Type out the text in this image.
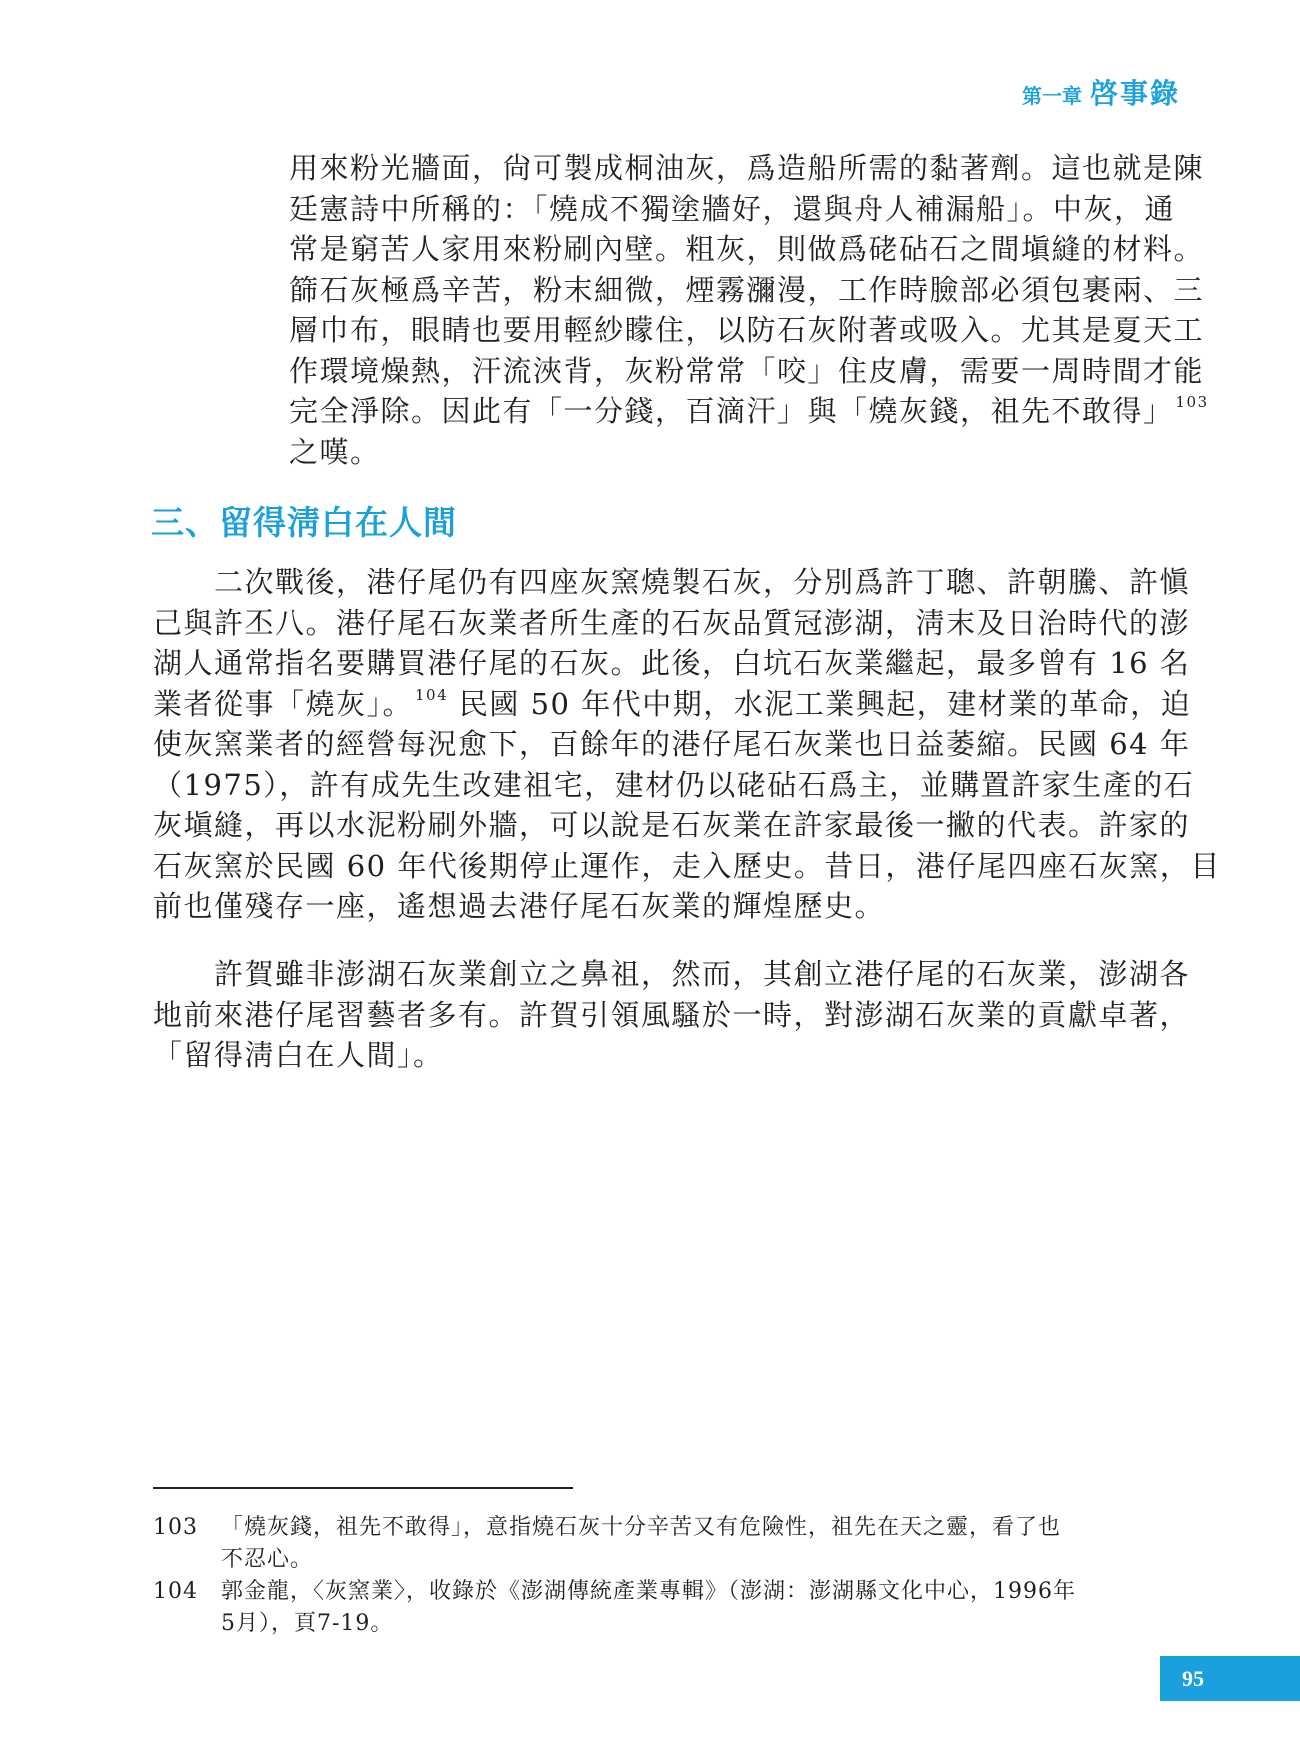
第一章 啓事錄
用來粉光牆面，尙可製成桐油灰，爲造船所需的黏著劑。這也就是陳
廷憲詩中所稱的：「燒成不獨塗牆好，還與舟人補漏船」。中灰，通
常是窮苦人家用來粉刷內壁。粗灰，則做爲硓砧石之間塡縫的材料。
篩石灰極爲辛苦，粉末細微，煙霧瀰漫，工作時臉部必須包裹兩、三
層巾布，眼睛也要用輕紗矇住，以防石灰附著或吸入。尤其是夏天工
作環境燥熱，汗流浹背，灰粉常常「咬」住皮膚，需要一周時間才能
完全淨除。因此有「一分錢，百滴汗」與「燒灰錢，祖先不敢得」 $^{103}$
之嘆。
三、留得淸白在人間
　　二次戰後，港仔尾仍有四座灰窯燒製石灰，分別爲許丁聰、許朝騰、許愼
己與許丕八。港仔尾石灰業者所生產的石灰品質冠澎湖，淸末及日治時代的澎
湖人通常指名要購買港仔尾的石灰。此後，白坑石灰業繼起，最多曾有 16 名
業者從事「燒灰」。 $^{104}$ 民國 50 年代中期，水泥工業興起，建材業的革命，迫
使灰窯業者的經營每況愈下，百餘年的港仔尾石灰業也日益萎縮。民國 64 年
（1975），許有成先生改建祖宅，建材仍以硓砧石爲主，並購置許家生產的石
灰塡縫，再以水泥粉刷外牆，可以說是石灰業在許家最後一撇的代表。許家的
石灰窯於民國 60 年代後期停止運作，走入歷史。昔日，港仔尾四座石灰窯，目
前也僅殘存一座，遙想過去港仔尾石灰業的輝煌歷史。
　　許賀雖非澎湖石灰業創立之鼻祖，然而，其創立港仔尾的石灰業，澎湖各
地前來港仔尾習藝者多有。許賀引領風騷於一時，對澎湖石灰業的貢獻卓著，
「留得淸白在人間」。
103	「燒灰錢，祖先不敢得」，意指燒石灰十分辛苦又有危險性，祖先在天之靈，看了也
不忍心。
104	郭金龍，〈灰窯業〉，收錄於《澎湖傳統產業專輯》（澎湖：澎湖縣文化中心，1996年
5月），頁7-19。
95
